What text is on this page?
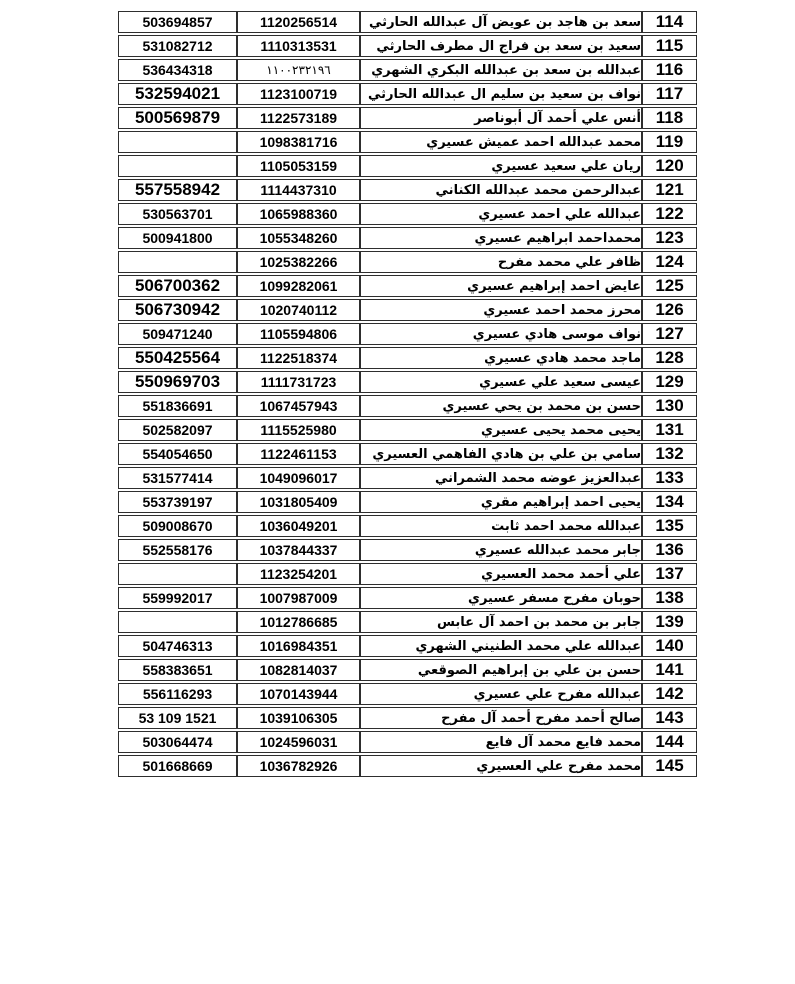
503694857	1120256514	سعد بن هاجد بن عويض آل عبدالله الحارثي	114
531082712	1110313531	سعيد بن سعد بن فراج ال مطرف الحارثي	115
536434318	١١٠٠٢٣٢١٩٦	عبدالله بن سعد بن عبدالله البكري الشهري	116
532594021	1123100719	نواف بن سعيد بن سليم ال عبدالله الحارثي	117
500569879	1122573189	أنس علي أحمد آل أبوناصر	118
	1098381716	محمد عبدالله احمد عميش عسيري	119
	1105053159	ريان علي سعيد عسيري	120
557558942	1114437310	عبدالرحمن محمد عبدالله الكناني	121
530563701	1065988360	عبدالله علي احمد عسيري	122
500941800	1055348260	محمداحمد ابراهيم عسيري	123
	1025382266	ظافر علي محمد مفرح	124
506700362	1099282061	عايض احمد إبراهيم عسيري	125
506730942	1020740112	محرز محمد احمد عسيري	126
509471240	1105594806	نواف موسى هادي عسيري	127
550425564	1122518374	ماجد محمد هادي عسيري	128
550969703	1111731723	عيسى سعيد علي عسيري	129
551836691	1067457943	حسن بن محمد بن يحي عسيري	130
502582097	1115525980	يحيى محمد يحيى عسيري	131
554054650	1122461153	سامي بن علي بن هادي الفاهمي العسيري	132
531577414	1049096017	عبدالعزيز عوضه محمد الشمراني	133
553739197	1031805409	يحيى احمد إبراهيم مقري	134
509008670	1036049201	عبدالله محمد احمد ثابت	135
552558176	1037844337	جابر محمد عبدالله عسيري	136
	1123254201	علي أحمد محمد العسيري	137
559992017	1007987009	حوبان مفرح مسفر عسيري	138
	1012786685	جابر بن محمد بن احمد آل عابس	139
504746313	1016984351	عبدالله علي محمد الطنيني الشهري	140
558383651	1082814037	حسن بن علي بن إبراهيم الصوقعي	141
556116293	1070143944	عبدالله مفرح علي عسيري	142
53 109 1521	1039106305	صالح أحمد مفرح أحمد آل مفرح	143
503064474	1024596031	محمد فايع محمد آل فايع	144
501668669	1036782926	محمد مفرح علي العسيري	145
